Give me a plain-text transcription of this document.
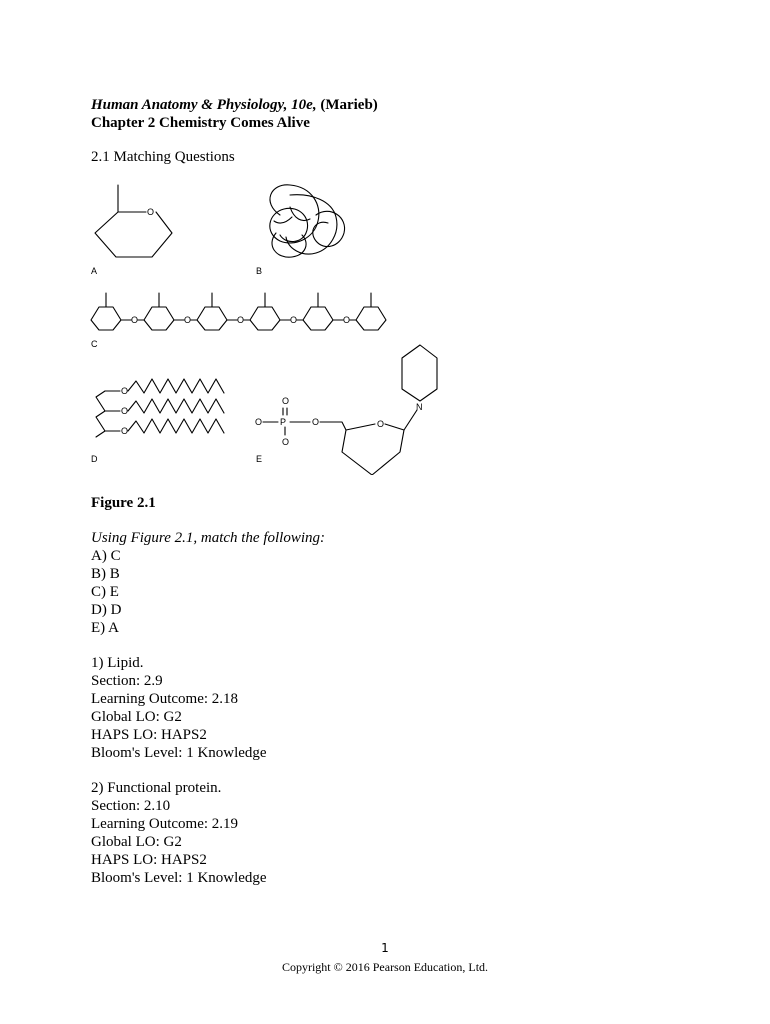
Human Anatomy & Physiology, 10e, (Marieb)
Chapter 2 Chemistry Comes Alive
2.1 Matching Questions
O
A	B
O	O	O	O	O
C
O
O
O
D
O P
O
O
O	O
N
E
Figure 2.1
Using Figure 2.1, match the following:
A) C
B) B
C) E
D) D
E) A
1) Lipid.
Section: 2.9
Learning Outcome: 2.18
Global LO: G2
HAPS LO: HAPS2
Bloom's Level: 1 Knowledge
2) Functional protein.
Section: 2.10
Learning Outcome: 2.19
Global LO: G2
HAPS LO: HAPS2
Bloom's Level: 1 Knowledge
1
Copyright © 2016 Pearson Education, Ltd.
